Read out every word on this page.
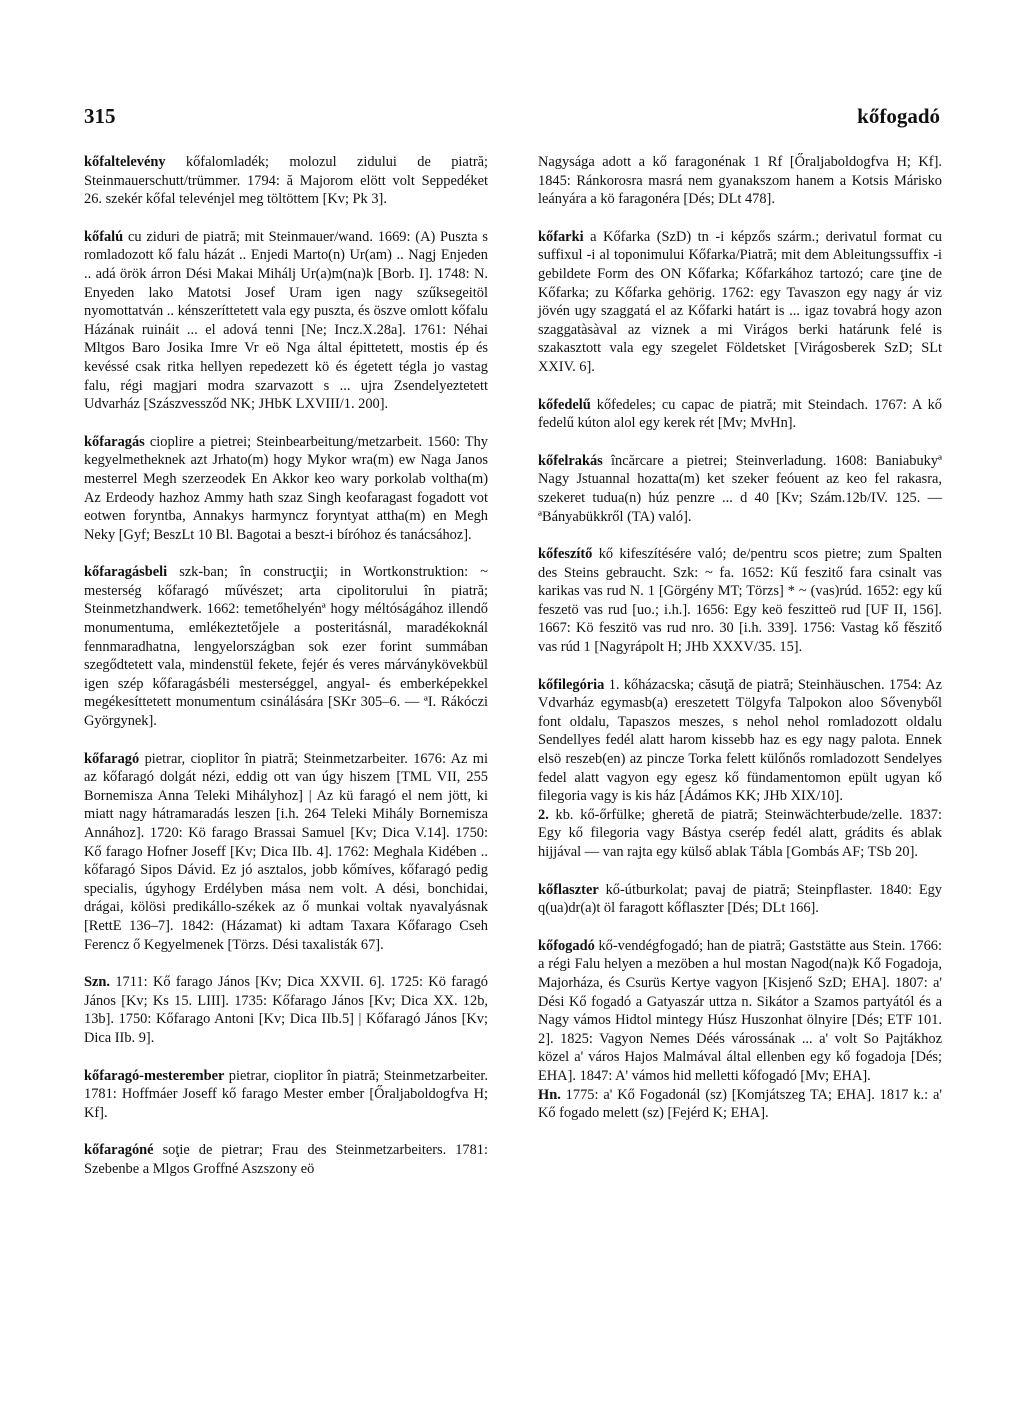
315	kőfogadó

kőfaltelevény kőfalomladék; molozul zidului de piatră; Steinmauerschutt/trümmer. 1794: ă Majorom elött volt Seppedéket 26. szekér kőfal televénjel meg töltöttem [Kv; Pk 3].

kőfalú cu ziduri de piatră; mit Steinmauer/wand. 1669: (A) Puszta s romladozott kő falu házát .. Enjedi Marto(n) Ur(am) .. Nagj Enjeden .. adá örök árron Dési Makai Mihálj Ur(a)m(na)k [Borb. I]. 1748: N. Enyeden lako Matotsi Josef Uram igen nagy szűksegeitöl nyomottatván .. kénszeríttetett vala egy puszta, és öszve omlott kőfalu Házának ruináit ... el adová tenni [Ne; Incz.X.28a]. 1761: Néhai Mltgos Baro Josika Imre Vr eö Nga által épittetett, mostis ép és kevéssé csak ritka hellyen repedezett kö és égetett tégla jo vastag falu, régi magjari modra szarvazott s ... ujra Zsendelyeztetett Udvarház [Szászvessződ NK; JHbK LXVIII/1. 200].

kőfaragás cioplire a pietrei; Steinbearbeitung/metzarbeit. 1560: Thy kegyelmetheknek azt Jrhato(m) hogy Mykor wra(m) ew Naga Janos mesterrel Megh szerzeodek En Akkor keo wary porkolab voltha(m) Az Erdeody hazhoz Ammy hath szaz Singh keofaragast fogadott vot eotwen foryntba, Annakys harmyncz foryntyat attha(m) en Megh Neky [Gyf; BeszLt 10 Bl. Bagotai a beszt-i bíróhoz és tanácsához].

kőfaragásbeli szk-ban; în construcţii; in Wortkonstruktion: ~ mesterség kőfaragó művészet; arta cipolitorului în piatră; Steinmetzhandwerk. 1662: temetőhelyénª hogy méltóságához illendő monumentuma, emlékeztetőjele a posteritásnál, maradékoknál fennmaradhatna, lengyelországban sok ezer forint summában szegődtetett vala, mindenstül fekete, fejér és veres márványkövekbül igen szép kőfaragásbéli mesterséggel, angyal- és emberképekkel megékesíttetett monumentum csinálására [SKr 305–6. — ªI. Rákóczi Györgynek].

kőfaragó pietrar, cioplitor în piatră; Steinmetzarbeiter. 1676: Az mi az kőfaragó dolgát nézi, eddig ott van úgy hiszem [TML VII, 255 Bornemisza Anna Teleki Mihályhoz] | Az kü faragó el nem jött, ki miatt nagy hátramaradás leszen [i.h. 264 Teleki Mihály Bornemisza Annához]. 1720: Kö farago Brassai Samuel [Kv; Dica V.14]. 1750: Kő farago Hofner Joseff [Kv; Dica IIb. 4]. 1762: Meghala Kidében .. kőfaragó Sipos Dávid. Ez jó asztalos, jobb kőmíves, kőfaragó pedig specialis, úgyhogy Erdélyben mása nem volt. A dési, bonchidai, drágai, kölösi predikállo-székek az ő munkai voltak nyavalyásnak [RettE 136–7]. 1842: (Házamat) ki adtam Taxara Kőfarago Cseh Ferencz ő Kegyelmenek [Törzs. Dési taxalisták 67].

Szn. 1711: Kő farago János [Kv; Dica XXVII. 6]. 1725: Kö faragó János [Kv; Ks 15. LIII]. 1735: Kőfarago János [Kv; Dica XX. 12b, 13b]. 1750: Kőfarago Antoni [Kv; Dica IIb.5] | Kőfaragó János [Kv; Dica IIb. 9].

kőfaragó-mesterember pietrar, cioplitor în piatră; Steinmetzarbeiter. 1781: Hoffmáer Joseff kő farago Mester ember [Őraljaboldogfva H; Kf].

kőfaragóné soţie de pietrar; Frau des Steinmetzarbeiters. 1781: Szebenbe a Mlgos Groffné Aszszony eö

Nagysága adott a kő faragonénak 1 Rf [Őraljaboldogfva H; Kf]. 1845: Ránkorosra masrá nem gyanakszom hanem a Kotsis Márisko leányára a kö faragonéra [Dés; DLt 478].

kőfarki a Kőfarka (SzD) tn -i képzős szárm.; derivatul format cu suffixul -i al toponimului Kőfarka/Piatră; mit dem Ableitungssuffix -i gebildete Form des ON Kőfarka; Kőfarkához tartozó; care ţine de Kőfarka; zu Kőfarka gehörig. 1762: egy Tavaszon egy nagy ár viz jövén ugy szaggatá el az Kőfarki határt is ... igaz tovabrá hogy azon szaggatàsàval az viznek a mi Virágos berki határunk felé is szakasztott vala egy szegelet Földetsket [Virágosberek SzD; SLt XXIV. 6].

kőfedelű kőfedeles; cu capac de piatră; mit Steindach. 1767: A kő fedelű kúton alol egy kerek rét [Mv; MvHn].

kőfelrakás încărcare a pietrei; Steinverladung. 1608: Baniabukyª Nagy Jstuannal hozatta(m) ket szeker feóuent az keo fel rakasra, szekeret tudua(n) húz penzre ... d 40 [Kv; Szám.12b/IV. 125. — ªBányabükkről (TA) való].

kőfeszítő kő kifeszítésére való; de/pentru scos pietre; zum Spalten des Steins gebraucht. Szk: ~ fa. 1652: Kű feszitő fara csinalt vas karikas vas rud N. 1 [Görgény MT; Törzs] * ~ (vas)rúd. 1652: egy kű feszetö vas rud [uo.; i.h.]. 1656: Egy keö feszitteö rud [UF II, 156]. 1667: Kö feszitö vas rud nro. 30 [i.h. 339]. 1756: Vastag kő fěszitő vas rúd 1 [Nagyrápolt H; JHb XXXV/35. 15].

kőfilegória 1. kőházacska; căsuţă de piatră; Steinhäuschen. 1754: Az Vdvarház egymasb(a) ereszetett Tölgyfa Talpokon aloo Sővenyből font oldalu, Tapaszos meszes, s nehol nehol romladozott oldalu Sendellyes fedél alatt harom kissebb haz es egy nagy palota. Ennek elsö reszeb(en) az pincze Torka felett külőnős romladozott Sendelyes fedel alatt vagyon egy egesz kő fündamentomon epült ugyan kő filegoria vagy is kis ház [Ádámos KK; JHb XIX/10].

2. kb. kő-őrfülke; gheretă de piatră; Steinwächterbude/zelle. 1837: Egy kő filegoria vagy Bástya cserép fedél alatt, grádits és ablak hijjával — van rajta egy külső ablak Tábla [Gombás AF; TSb 20].

kőflaszter kő-útburkolat; pavaj de piatră; Steinpflaster. 1840: Egy q(ua)dr(a)t öl faragott kőflaszter [Dés; DLt 166].

kőfogadó kő-vendégfogadó; han de piatră; Gaststätte aus Stein. 1766: a régi Falu helyen a mezöben a hul mostan Nagod(na)k Kő Fogadoja, Majorháza, és Csurüs Kertye vagyon [Kisjenő SzD; EHA]. 1807: a' Dési Kő fogadó a Gatyaszár uttza n. Sikátor a Szamos partyától és a Nagy vámos Hidtol mintegy Húsz Huszonhat ölnyire [Dés; ETF 101. 2]. 1825: Vagyon Nemes Déés várossának ... a' volt So Pajtákhoz közel a' város Hajos Malmával által ellenben egy kő fogadoja [Dés; EHA]. 1847: A' vámos hid melletti kőfogadó [Mv; EHA].

Hn. 1775: a' Kő Fogadonál (sz) [Komjátszeg TA; EHA]. 1817 k.: a' Kő fogado melett (sz) [Fejérd K; EHA].
